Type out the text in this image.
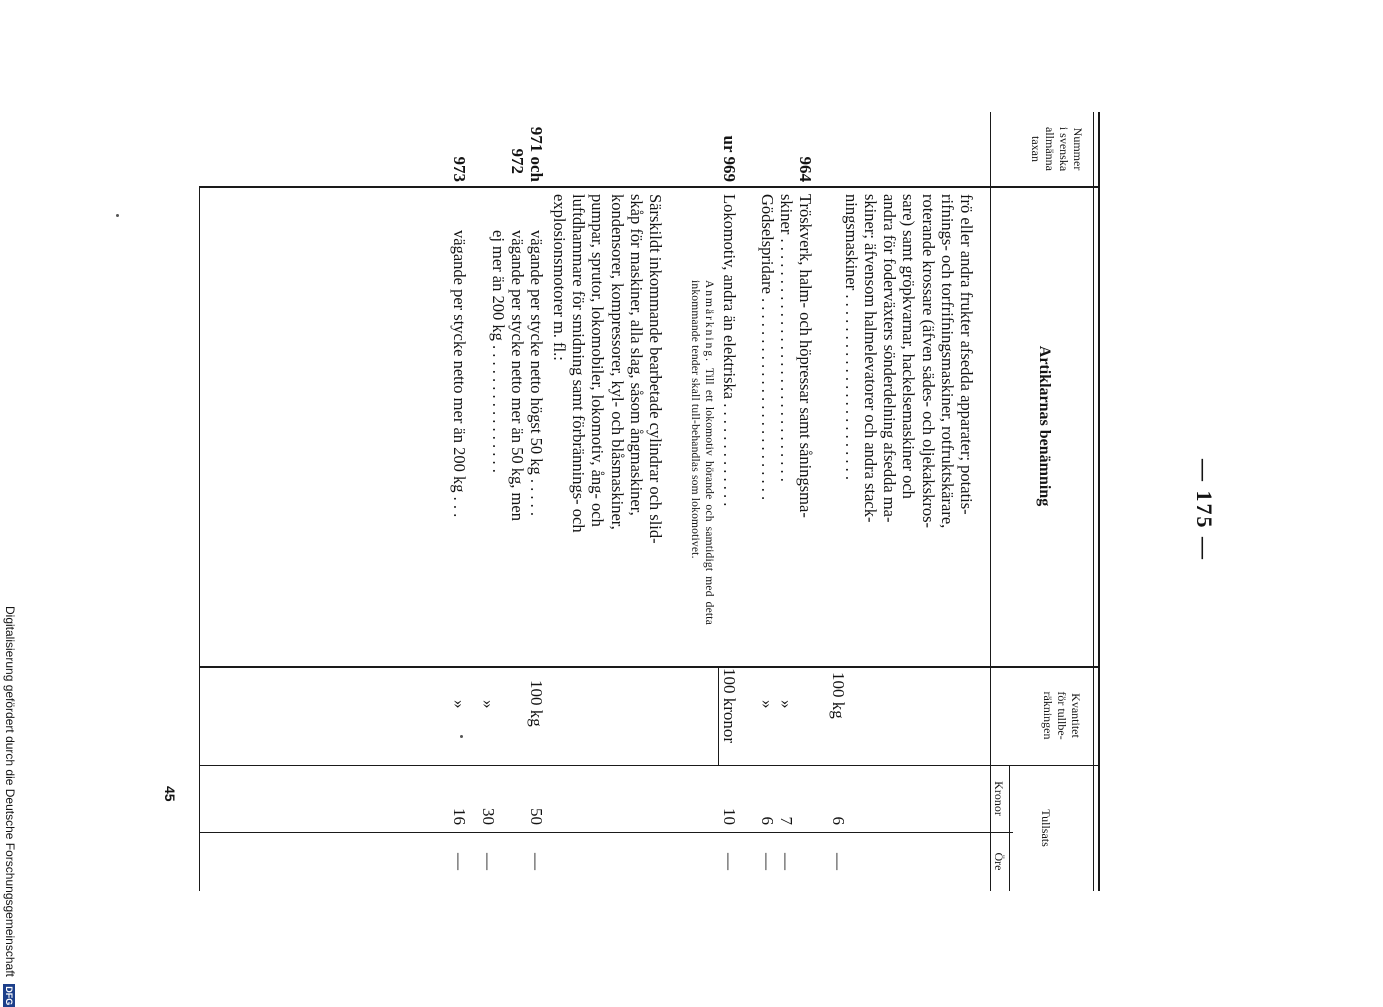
— 175 —
Nummer
i svenska
allmänna
taxan
Artiklarnas benämning
Kvantitet
för tullbe-
räkningen
Tullsats
Kronor
Öre
frö eller andra frukter afsedda apparater; potatis-
rifnings- och torfrifningsmaskiner, rotfruktskärare,
roterande krossare (äfven sädes- och oljekakskros-
sare) samt gröpkvarnar, hackelsemaskiner och
andra för foderväxters sönderdelning afsedda ma-
skiner; äfvensom halmelevatorer och andra stack-
ningsmaskiner . . . . . . . . . . . . . . . . . . . . . . .
100 kg
6
—
964
Tröskverk, halm- och höpressar samt såningsma-
skiner . . . . . . . . . . . . . . . . . . . . . . . . . . . . . .
»
7
—
Gödselspridare . . . . . . . . . . . . . . . . . . . . . . . . .
»
6
—
ur 969
Lokomotiv, andra än elektriska . . . . . . . . . . . . .
100 kronor
10
—
Anmärkning. Till ett lokomotiv hörande och samtidigt med detta inkommande tender skall tull-behandlas som lokomotivet.
Särskildt inkommande bearbetade cylindrar och slid-
skåp för maskiner, alla slag, såsom ångmaskiner,
kondensorer, kompressorer, kyl- och blåsmaskiner,
pumpar, sprutor, lokomobiler, lokomotiv, ång- och
luftdhammare för smidning samt förbrännings- och
explosionsmotorer m. fl.:
971 och
vägande per stycke netto högst 50 kg . . . . .
100 kg
50
—
972
vägande per stycke netto mer än 50 kg, men
ej mer än 200 kg . . . . . . . . . . . . . . . .
»
30
—
973
vägande per stycke netto mer än 200 kg . . .
»
16
—
45
Digitalisierung gefördert durch die Deutsche Forschungsgemeinschaft DFG
